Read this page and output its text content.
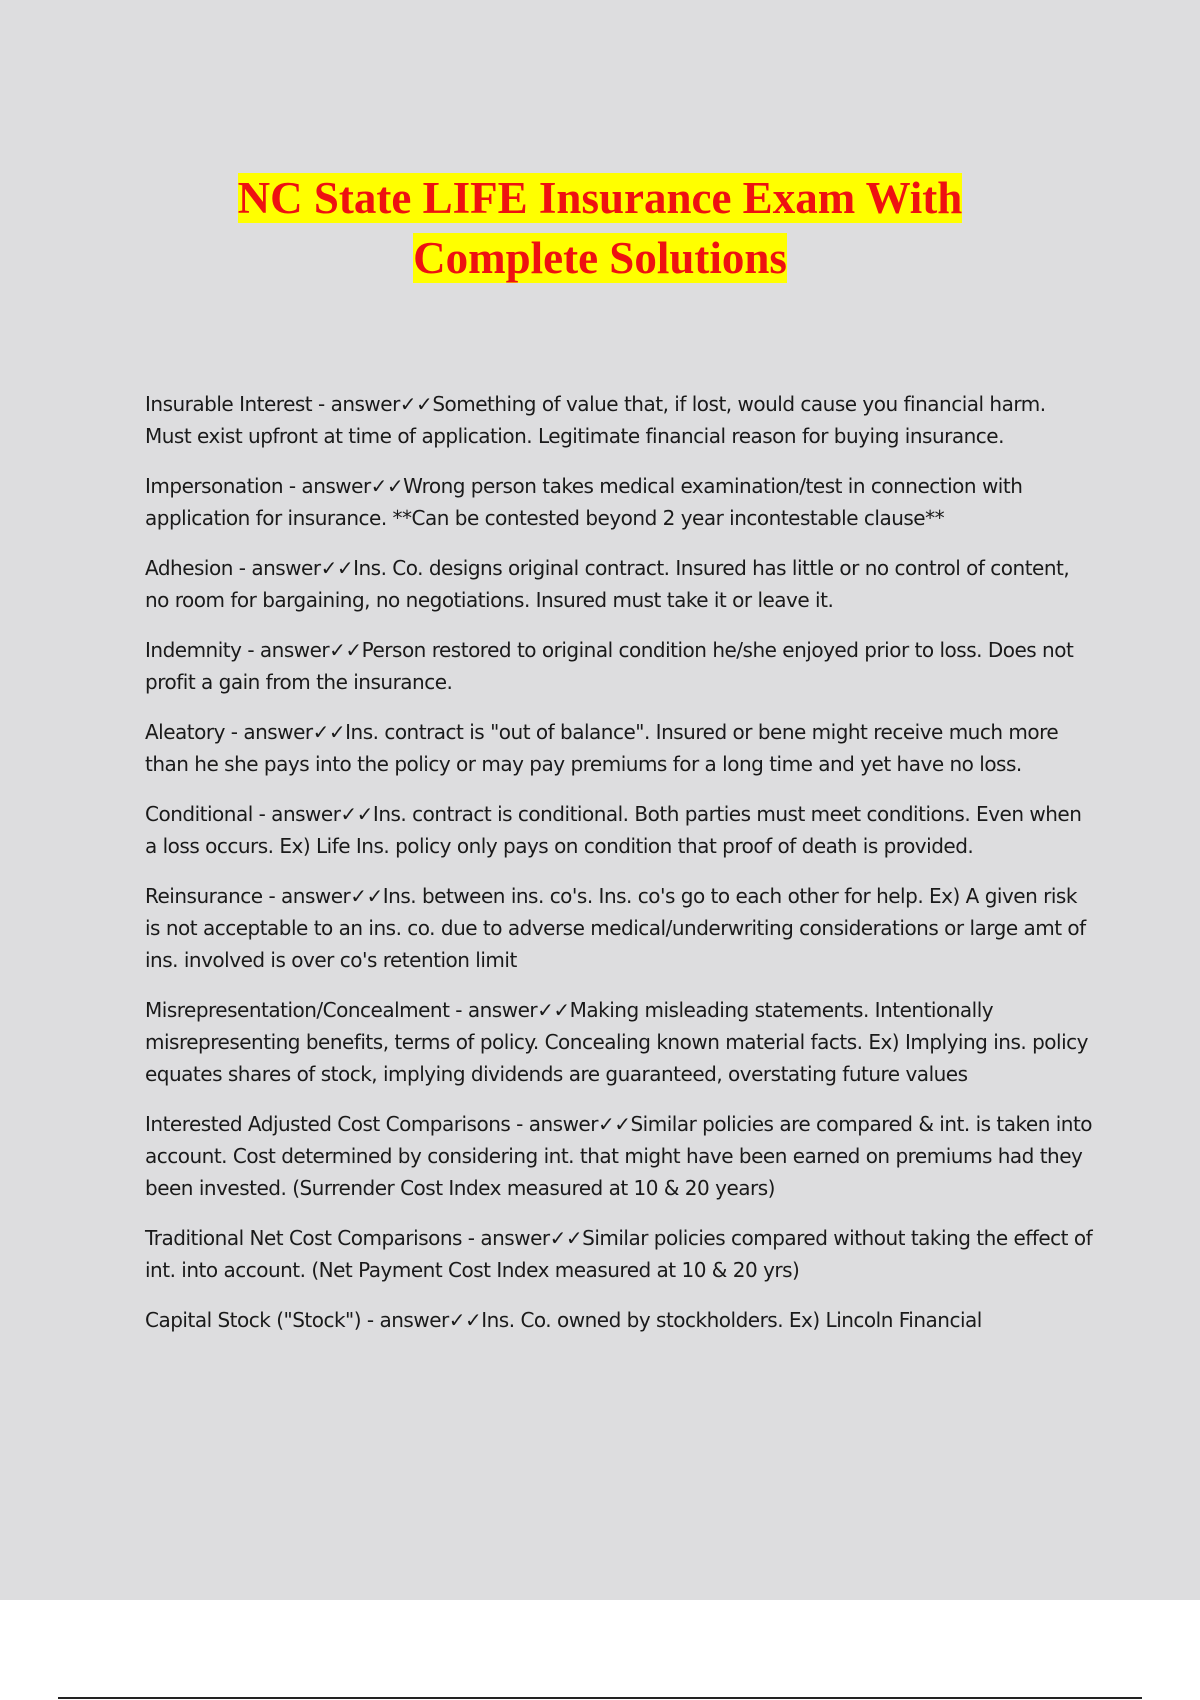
NC State LIFE Insurance Exam With
Complete Solutions

Insurable Interest - answer✓✓Something of value that, if lost, would cause you financial harm. Must exist upfront at time of application. Legitimate financial reason for buying insurance.

Impersonation - answer✓✓Wrong person takes medical examination/test in connection with application for insurance. **Can be contested beyond 2 year incontestable clause**

Adhesion - answer✓✓Ins. Co. designs original contract. Insured has little or no control of content, no room for bargaining, no negotiations. Insured must take it or leave it.

Indemnity - answer✓✓Person restored to original condition he/she enjoyed prior to loss. Does not profit a gain from the insurance.

Aleatory - answer✓✓Ins. contract is "out of balance". Insured or bene might receive much more than he she pays into the policy or may pay premiums for a long time and yet have no loss.

Conditional - answer✓✓Ins. contract is conditional. Both parties must meet conditions. Even when a loss occurs. Ex) Life Ins. policy only pays on condition that proof of death is provided.

Reinsurance - answer✓✓Ins. between ins. co's. Ins. co's go to each other for help. Ex) A given risk is not acceptable to an ins. co. due to adverse medical/underwriting considerations or large amt of ins. involved is over co's retention limit

Misrepresentation/Concealment - answer✓✓Making misleading statements. Intentionally misrepresenting benefits, terms of policy. Concealing known material facts. Ex) Implying ins. policy equates shares of stock, implying dividends are guaranteed, overstating future values

Interested Adjusted Cost Comparisons - answer✓✓Similar policies are compared & int. is taken into account. Cost determined by considering int. that might have been earned on premiums had they been invested. (Surrender Cost Index measured at 10 & 20 years)

Traditional Net Cost Comparisons - answer✓✓Similar policies compared without taking the effect of int. into account. (Net Payment Cost Index measured at 10 & 20 yrs)

Capital Stock ("Stock") - answer✓✓Ins. Co. owned by stockholders. Ex) Lincoln Financial
